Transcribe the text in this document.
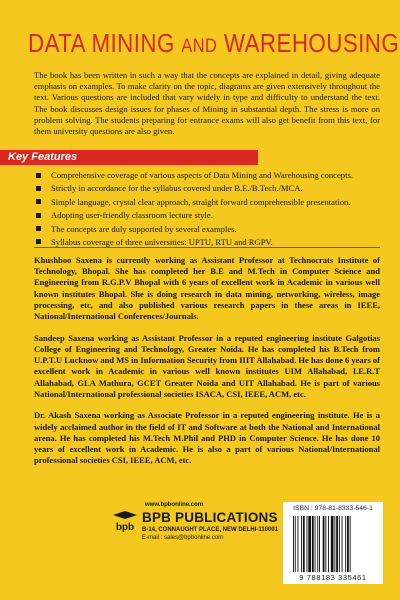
DATA MINING AND WAREHOUSING

The book has been written in such a way that the concepts are explained in detail, giving adequate emphasis on examples. To make clarity on the topic, diagrams are given extensively throughout the text. Various questions are included that vary widely in type and difficulty to understand the text. The book discusses design issues for phases of Mining in substantial depth. The stress is more on problem solving. The students preparing for entrance exams will also get benefit from this text, for them university questions are also given.

Key Features
Comprehensive coverage of various aspects of Data Mining and Warehousing concepts.
Strictly in accordance for the syllabus covered under B.E./B.Tech./MCA.
Simple language, crystal clear approach, straight forward comprehensible presentation.
Adopting user-friendly classroom lecture style.
The concepts are duly supported by several examples.
Syllabus coverage of three universities: UPTU, RTU and RGPV.

Khushboo Saxena is currently working as Assistant Professor at Technocrats Institute of Technology, Bhopal. She has completed her B.E and M.Tech in Computer Science and Engineering from R.G.P.V Bhopal with 6 years of excellent work in Academic in various well known institutes Bhopal. She is doing research in data mining, networking, wireless, image processing, etc, and also published various research papers in these areas in IEEE, National/International Conferences/Journals.

Sandeep Saxena working as Assistant Professor in a reputed engineering institute Galgotias College of Engineering and Technology, Greater Noida. He has completed his B.Tech from U.P.T.U Lucknow and MS in Information Security from IIIT Allahabad. He has done 6 years of excellent work in Academic in various well known institutes UIM Allahabad, I.E.R.T Allahabad, GLA Mathura, GCET Greater Noida and UIT Allahabad. He is part of various National/International professional societies ISACA, CSI, IEEE, ACM, etc.

Dr. Akash Saxena working as Associate Professor in a reputed engineering institute. He is a widely acclaimed author in the field of IT and Software at both the National and International arena. He has completed his M.Tech M.Phil and PHD in Computer Science. He has done 10 years of excellent work in Academic. He is also a part of various National/International professional societies CSI, IEEE, ACM, etc.

www.bpbonline.com
bpb
BPB PUBLICATIONS
B-14, CONNAUGHT PLACE, NEW DELHI-110001
E-mail : sales@bpbonline.com
ISBN : 978-81-8333-546-1
9 788183 335461
